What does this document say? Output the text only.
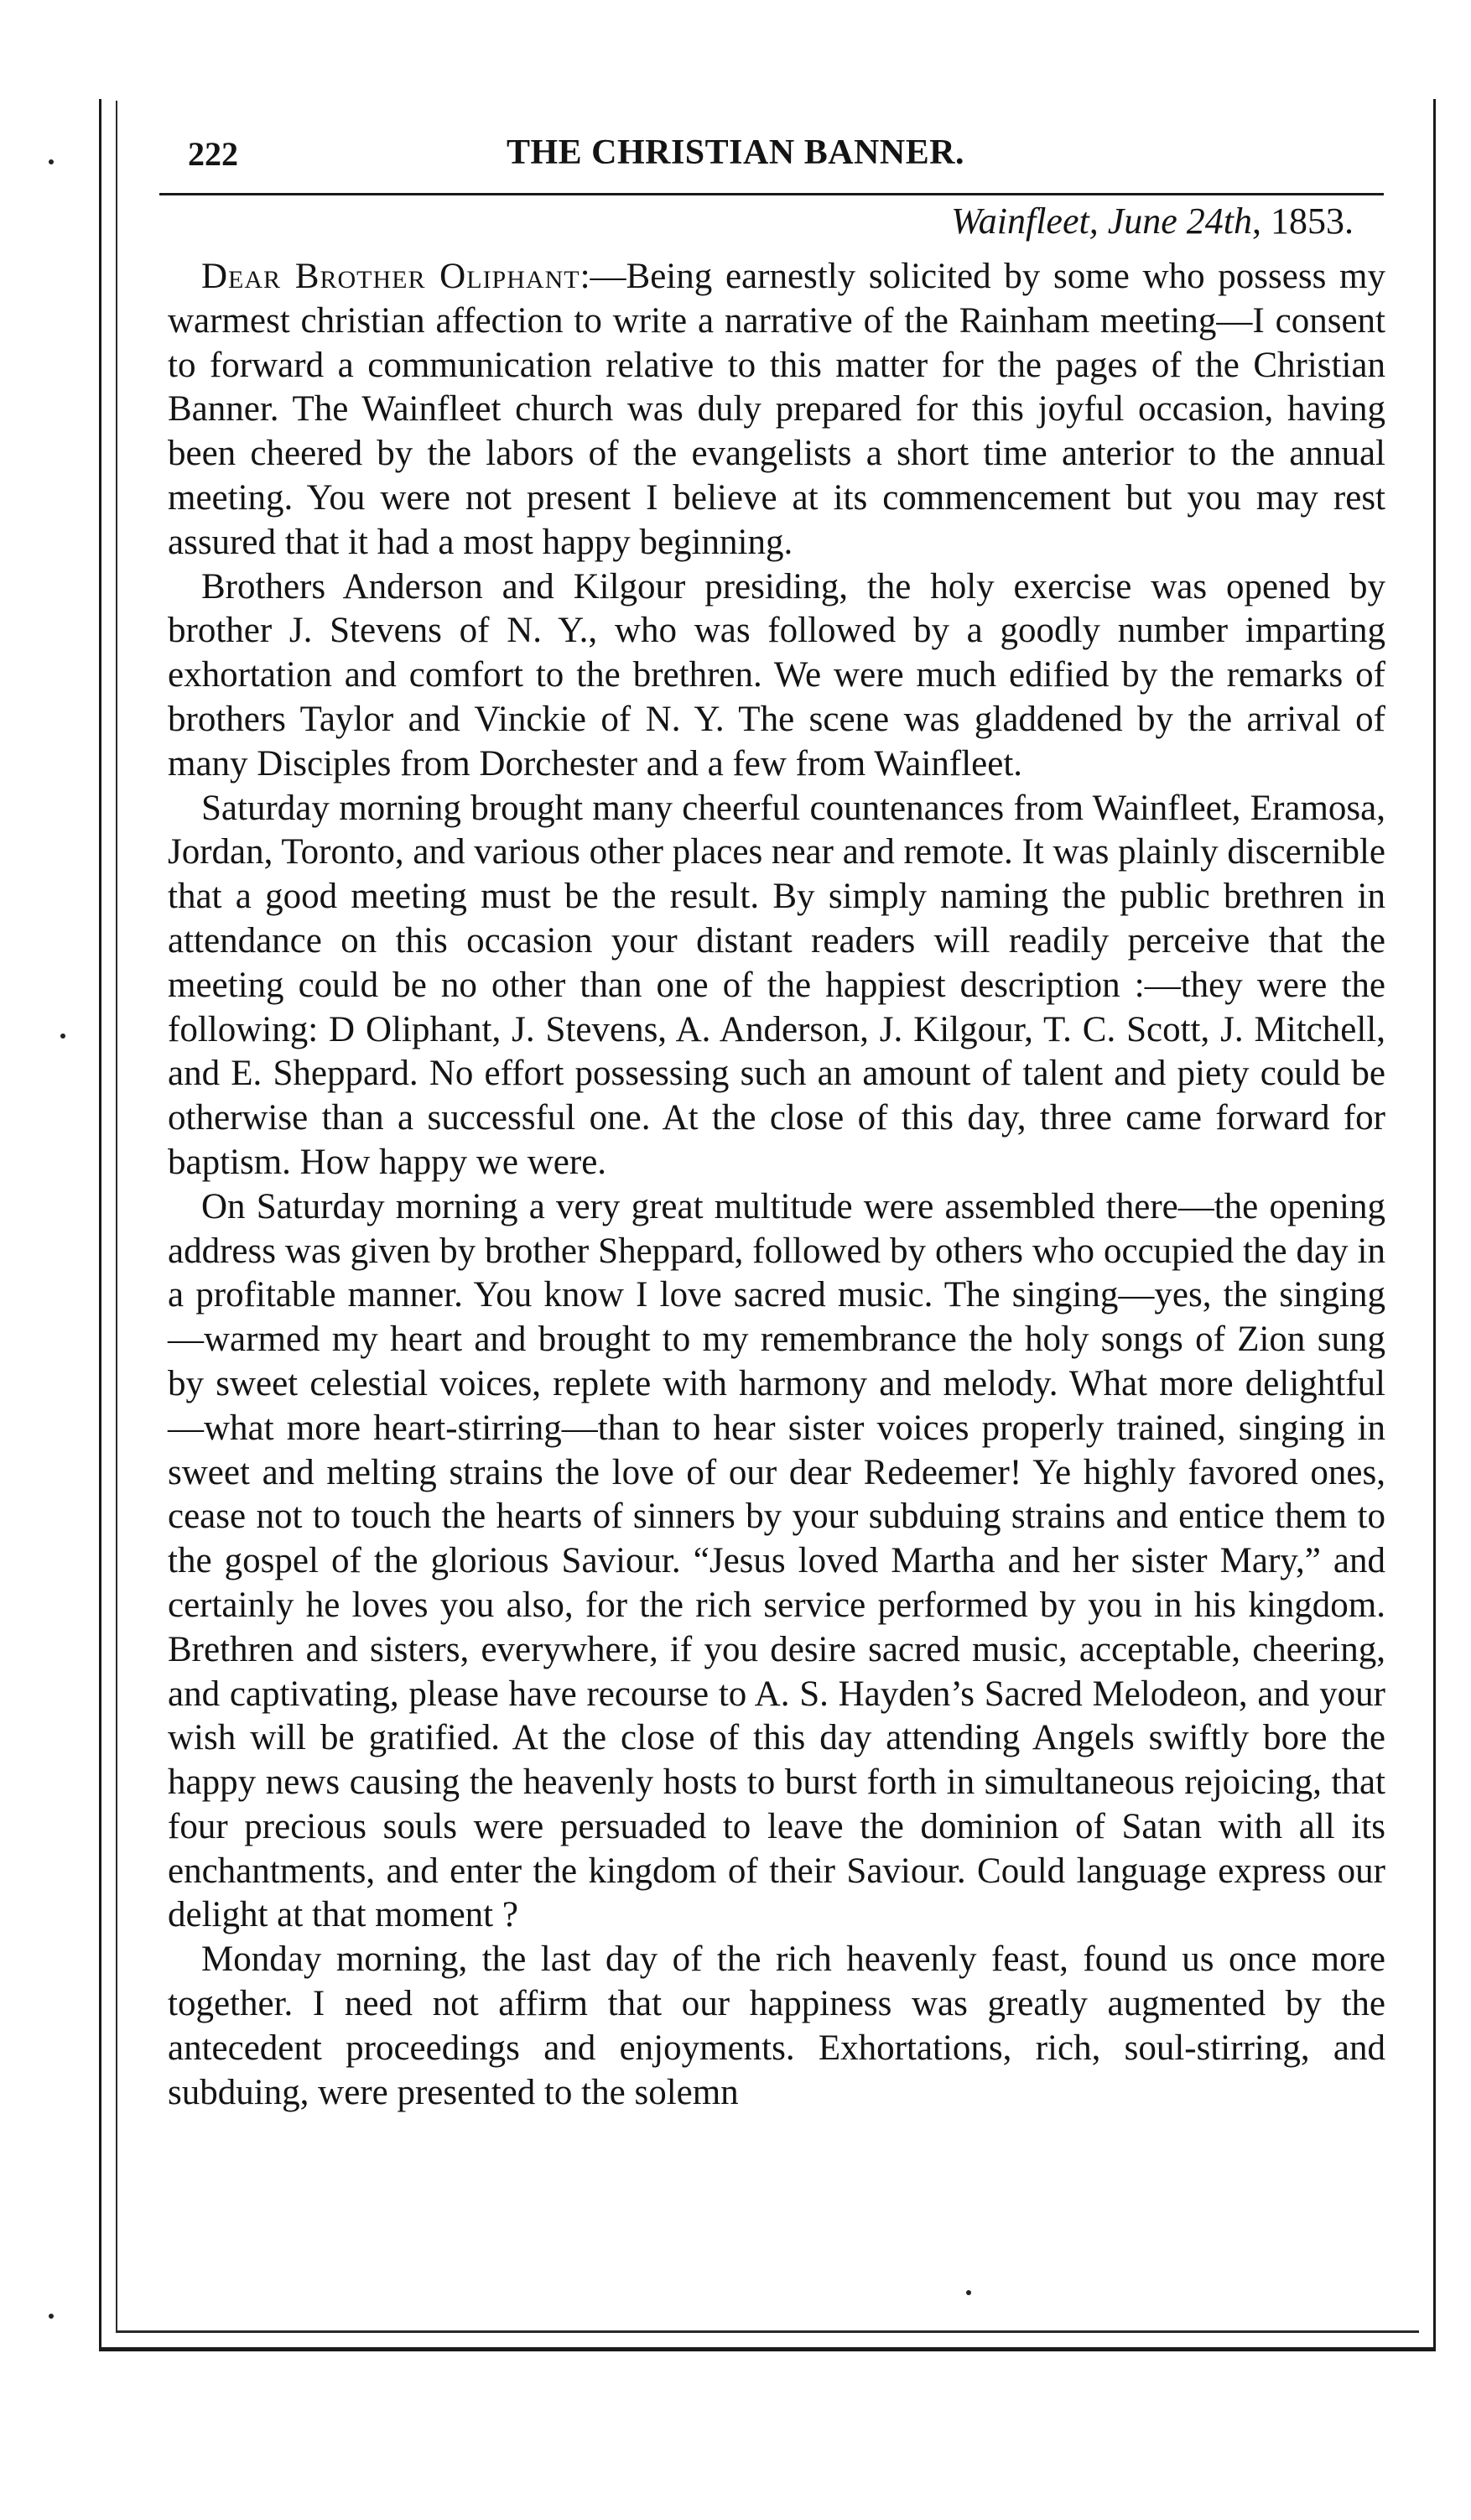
222	THE CHRISTIAN BANNER.
Wainfleet, June 24th, 1853.

Dear Brother Oliphant:—Being earnestly solicited by some who possess my warmest christian affection to write a narrative of the Rainham meeting—I consent to forward a communication relative to this matter for the pages of the Christian Banner. The Wainfleet church was duly prepared for this joyful occasion, having been cheered by the labors of the evangelists a short time anterior to the annual meeting. You were not present I believe at its commencement but you may rest assured that it had a most happy beginning.

Brothers Anderson and Kilgour presiding, the holy exercise was opened by brother J. Stevens of N. Y., who was followed by a goodly number imparting exhortation and comfort to the brethren. We were much edified by the remarks of brothers Taylor and Vinckie of N. Y. The scene was gladdened by the arrival of many Disciples from Dorchester and a few from Wainfleet.

Saturday morning brought many cheerful countenances from Wainfleet, Eramosa, Jordan, Toronto, and various other places near and remote. It was plainly discernible that a good meeting must be the result. By simply naming the public brethren in attendance on this occasion your distant readers will readily perceive that the meeting could be no other than one of the happiest description :—they were the following: D Oliphant, J. Stevens, A. Anderson, J. Kilgour, T. C. Scott, J. Mitchell, and E. Sheppard. No effort possessing such an amount of talent and piety could be otherwise than a successful one. At the close of this day, three came forward for baptism. How happy we were.

On Saturday morning a very great multitude were assembled there—the opening address was given by brother Sheppard, followed by others who occupied the day in a profitable manner. You know I love sacred music. The singing—yes, the singing—warmed my heart and brought to my remembrance the holy songs of Zion sung by sweet celestial voices, replete with harmony and melody. What more delightful—what more heart-stirring—than to hear sister voices properly trained, singing in sweet and melting strains the love of our dear Redeemer! Ye highly favored ones, cease not to touch the hearts of sinners by your subduing strains and entice them to the gospel of the glorious Saviour. “Jesus loved Martha and her sister Mary,” and certainly he loves you also, for the rich service performed by you in his kingdom. Brethren and sisters, everywhere, if you desire sacred music, acceptable, cheering, and captivating, please have recourse to A. S. Hayden’s Sacred Melodeon, and your wish will be gratified. At the close of this day attending Angels swiftly bore the happy news causing the heavenly hosts to burst forth in simultaneous rejoicing, that four precious souls were persuaded to leave the dominion of Satan with all its enchantments, and enter the kingdom of their Saviour. Could language express our delight at that moment ?

Monday morning, the last day of the rich heavenly feast, found us once more together. I need not affirm that our happiness was greatly augmented by the antecedent proceedings and enjoyments. Exhortations, rich, soul-stirring, and subduing, were presented to the solemn
